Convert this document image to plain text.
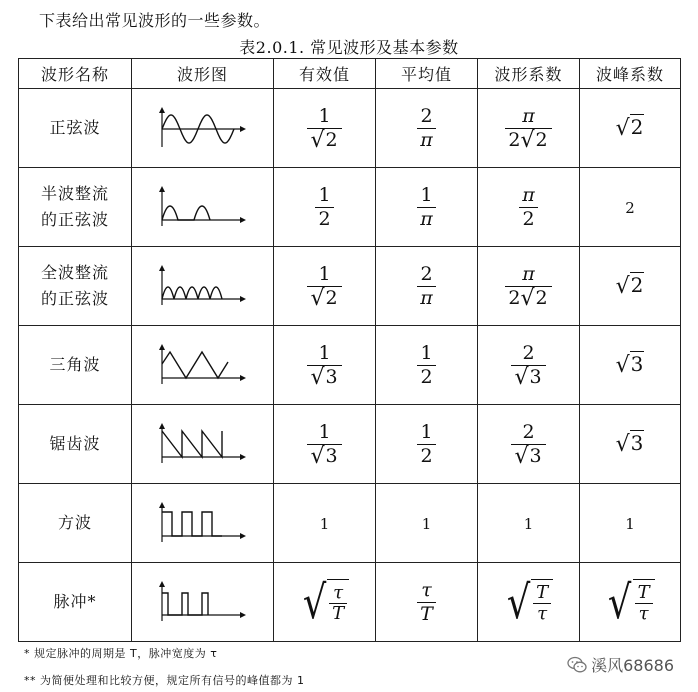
下表给出常见波形的一些参数。
表2.0.1. 常见波形及基本参数
波形名称	波形图	有效值	平均值	波形系数	波峰系数

正弦波		$\frac{1}{√2}$	$\frac{2}{\pi}$	$\frac{\pi}{2√2}$	√2

半波整流
的正弦波		$\frac{1}{2}$	$\frac{1}{\pi}$	$\frac{\pi}{2}$	2

全波整流
的正弦波		$\frac{1}{√2}$	$\frac{2}{\pi}$	$\frac{\pi}{2√2}$	√2

三角波		$\frac{1}{√3}$	$\frac{1}{2}$	$\frac{2}{√3}$	√3

锯齿波		$\frac{1}{√3}$	$\frac{1}{2}$	$\frac{2}{√3}$	√3

方波		1	1	1	1

脉冲*		√ $\frac{\tau}{T}$	$\frac{\tau}{T}$	√ $\frac{T}{\tau}$	√ $\frac{T}{\tau}$
* 规定脉冲的周期是 T，脉冲宽度为 τ
** 为简便处理和比较方便，规定所有信号的峰值都为 1
溪风68686
